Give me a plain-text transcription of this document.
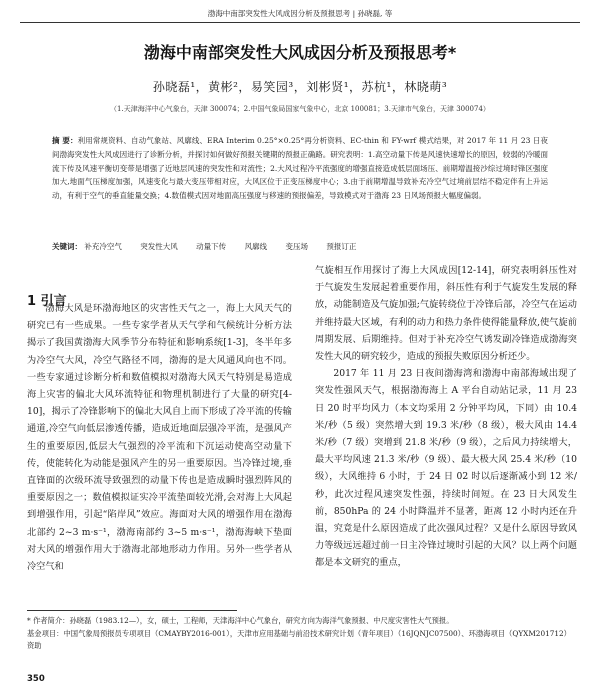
渤海中南部突发性大风成因分析及预报思考 | 孙晓磊, 等
渤海中南部突发性大风成因分析及预报思考*
孙晓磊¹，黄彬²，易笑园³，刘彬贤¹，苏杭¹，林晓萌³
（1.天津海洋中心气象台，天津 300074；2.中国气象局国家气象中心，北京 100081；3.天津市气象台，天津 300074）
摘 要：利用常规资料、自动气象站、风廓线、ERA Interim 0.25°×0.25°再分析资料、EC-thin 和 FY-wrf 模式结果，对 2017 年 11 月 23 日夜间渤海突发性大风成因进行了诊断分析，并探讨如何做好预报关键期的预报正确路。研究表明：1.高空动量下传是风速快速增长的原因，较弱的冷暖面流下传及风速平衡切变带是增强了近地层风速的突发性和对流性；2.大风过程冷平流强度的增强直接造成低层面场压、前期增温接沙综过境时锋区强度加大,地面气压梯度加强，风速变化与最大变压带相对应，大风区位于正变压梯度中心；3.由于前期增温导致补充冷空气过境前层结不稳定伴有上升运动，有利于空气的垂直能量交换；4.数值模式因对地面高压强度与移速的预报偏差，导致模式对于渤海 23 日风场预报大幅度偏弱。
关键词： 补充冷空气 突发性大风 动量下传 风廓线 变压场 预报订正
1 引言

渤海大风是环渤海地区的灾害性天气之一，海上大风天气的研究已有一些成果。一些专家学者从天气学和气候统计分析方法揭示了我国黄渤海大风季节分布特征和影响系统[1-3]，冬半年多为冷空气大风，冷空气路径不同，渤海的是大风通风向也不同。一些专家通过诊断分析和数值模拟对渤海大风天气特别是易造成海上灾害的偏北大风环流特征和物理机制进行了大量的研究[4-10]，揭示了冷锋影响下的偏北大风自上而下形成了冷平流的传输通道,冷空气向低层渗透传播，造成近地面层强冷平流，是强风产生的重要原因,低层大气强烈的冷平流和下沉运动使高空动量下传，使能转化为动能是强风产生的另一重要原因。当冷锋过境,垂直锋面的次级环流导致强烈的动量下传也是造成瞬时强烈阵风的重要原因之一；数值模拟证实冷平流垫面较光滑,会对海上大风起到增强作用，引起“陷岸风”效应。海面对大风的增强作用在渤海北部约 2~3 m·s⁻¹，渤海南部约 3~5 m·s⁻¹，渤海海峡下垫面对大风的增强作用大于渤海北部地形动力作用。另外一些学者从冷空气和

气旋相互作用探讨了海上大风成因[12-14]，研究表明斜压性对于气旋发生发展起着重要作用，斜压性有利于气旋发生发展的释放，动能制造及气旋加强;气旋转绕位于冷锋后部，冷空气在运动并维持最大区域，有利的动力和热力条件使得能量释放,使气旋前周期发展、后期维持。但对于补充冷空气诱发副冷锋造成渤海突发性大风的研究较少，造成的预报失败原因分析还少。

2017 年 11 月 23 日夜间渤海湾和渤海中南部海域出现了突发性强风天气，根据渤海海上 A 平台自动站记录，11 月 23 日 20 时平均风力（本文均采用 2 分钟平均风，下同）由 10.4 米/秒（5 级）突然增大到 19.3 米/秒（8 级），极大风由 14.4 米/秒（7 级）突增到 21.8 米/秒（9 级），之后风力持续增大，最大平均风速 21.3 米/秒（9 级）、最大极大风 25.4 米/秒（10 级），大风维持 6 小时，于 24 日 02 时以后逐渐减小到 12 米/秒，此次过程风速突发性强，持续时间短。在 23 日大风发生前，850hPa 的 24 小时降温并不显著，距离 12 小时内还在升温，究竟是什么原因造成了此次强风过程？又是什么原因导致风力等级远远超过前一日主冷锋过境时引起的大风？以上两个问题都是本文研究的重点，

* 作者简介：孙晓磊（1983.12—），女，硕士，工程师，天津海洋中心气象台，研究方向为海洋气象预报、中尺度灾害性大气预报。
基金项目：中国气象局预报员专项项目（CMAYBY2016-001），天津市应用基础与前沿技术研究计划（青年项目）（16JQNJC07500）、环渤海项目（QYXM201712）资助
350
